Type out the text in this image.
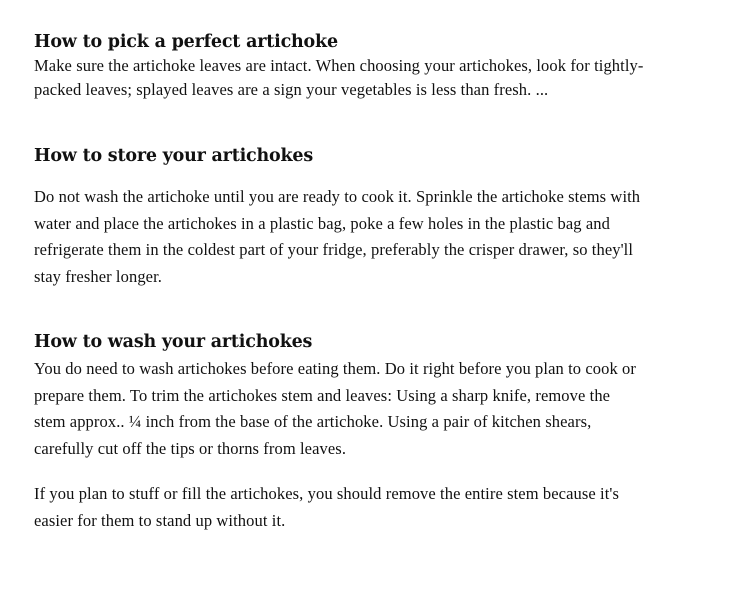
How to pick a perfect artichoke

Make sure the artichoke leaves are intact. When choosing your artichokes, look for tightly-
packed leaves; splayed leaves are a sign your vegetables is less than fresh. ...

How to store your artichokes

Do not wash the artichoke until you are ready to cook it. Sprinkle the artichoke stems with
water and place the artichokes in a plastic bag, poke a few holes in the plastic bag and
refrigerate them in the coldest part of your fridge, preferably the crisper drawer, so they'll
stay fresher longer.

How to wash your artichokes

You do need to wash artichokes before eating them. Do it right before you plan to cook or
prepare them. To trim the artichokes stem and leaves: Using a sharp knife, remove the
stem approx.. ¼ inch from the base of the artichoke. Using a pair of kitchen shears,
carefully cut off the tips or thorns from leaves.

If you plan to stuff or fill the artichokes, you should remove the entire stem because it's
easier for them to stand up without it.
